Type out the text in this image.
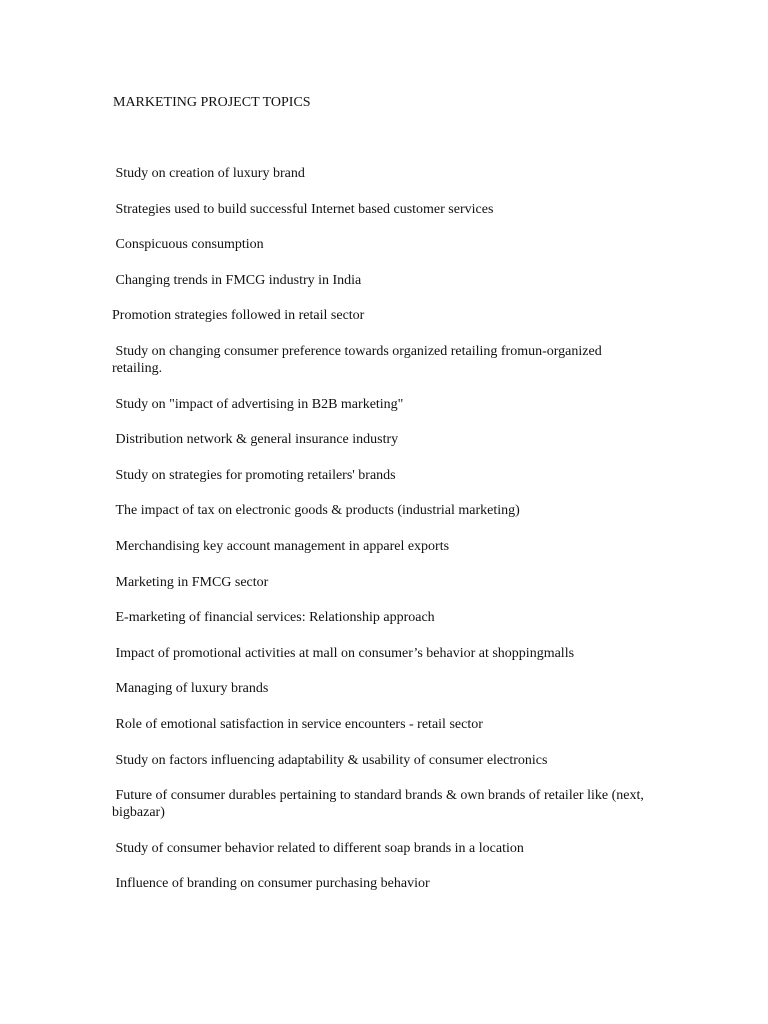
MARKETING PROJECT TOPICS
Study on creation of luxury brand
Strategies used to build successful Internet based customer services
Conspicuous consumption
Changing trends in FMCG industry in India
Promotion strategies followed in retail sector
Study on changing consumer preference towards organized retailing fromun-organized retailing.
Study on "impact of advertising in B2B marketing"
Distribution network & general insurance industry
Study on strategies for promoting retailers' brands
The impact of tax on electronic goods & products (industrial marketing)
Merchandising key account management in apparel exports
Marketing in FMCG sector
E-marketing of financial services: Relationship approach
Impact of promotional activities at mall on consumer’s behavior at shoppingmalls
Managing of luxury brands
Role of emotional satisfaction in service encounters - retail sector
Study on factors influencing adaptability & usability of consumer electronics
Future of consumer durables pertaining to standard brands & own brands of retailer like (next, bigbazar)
Study of consumer behavior related to different soap brands in a location
Influence of branding on consumer purchasing behavior
